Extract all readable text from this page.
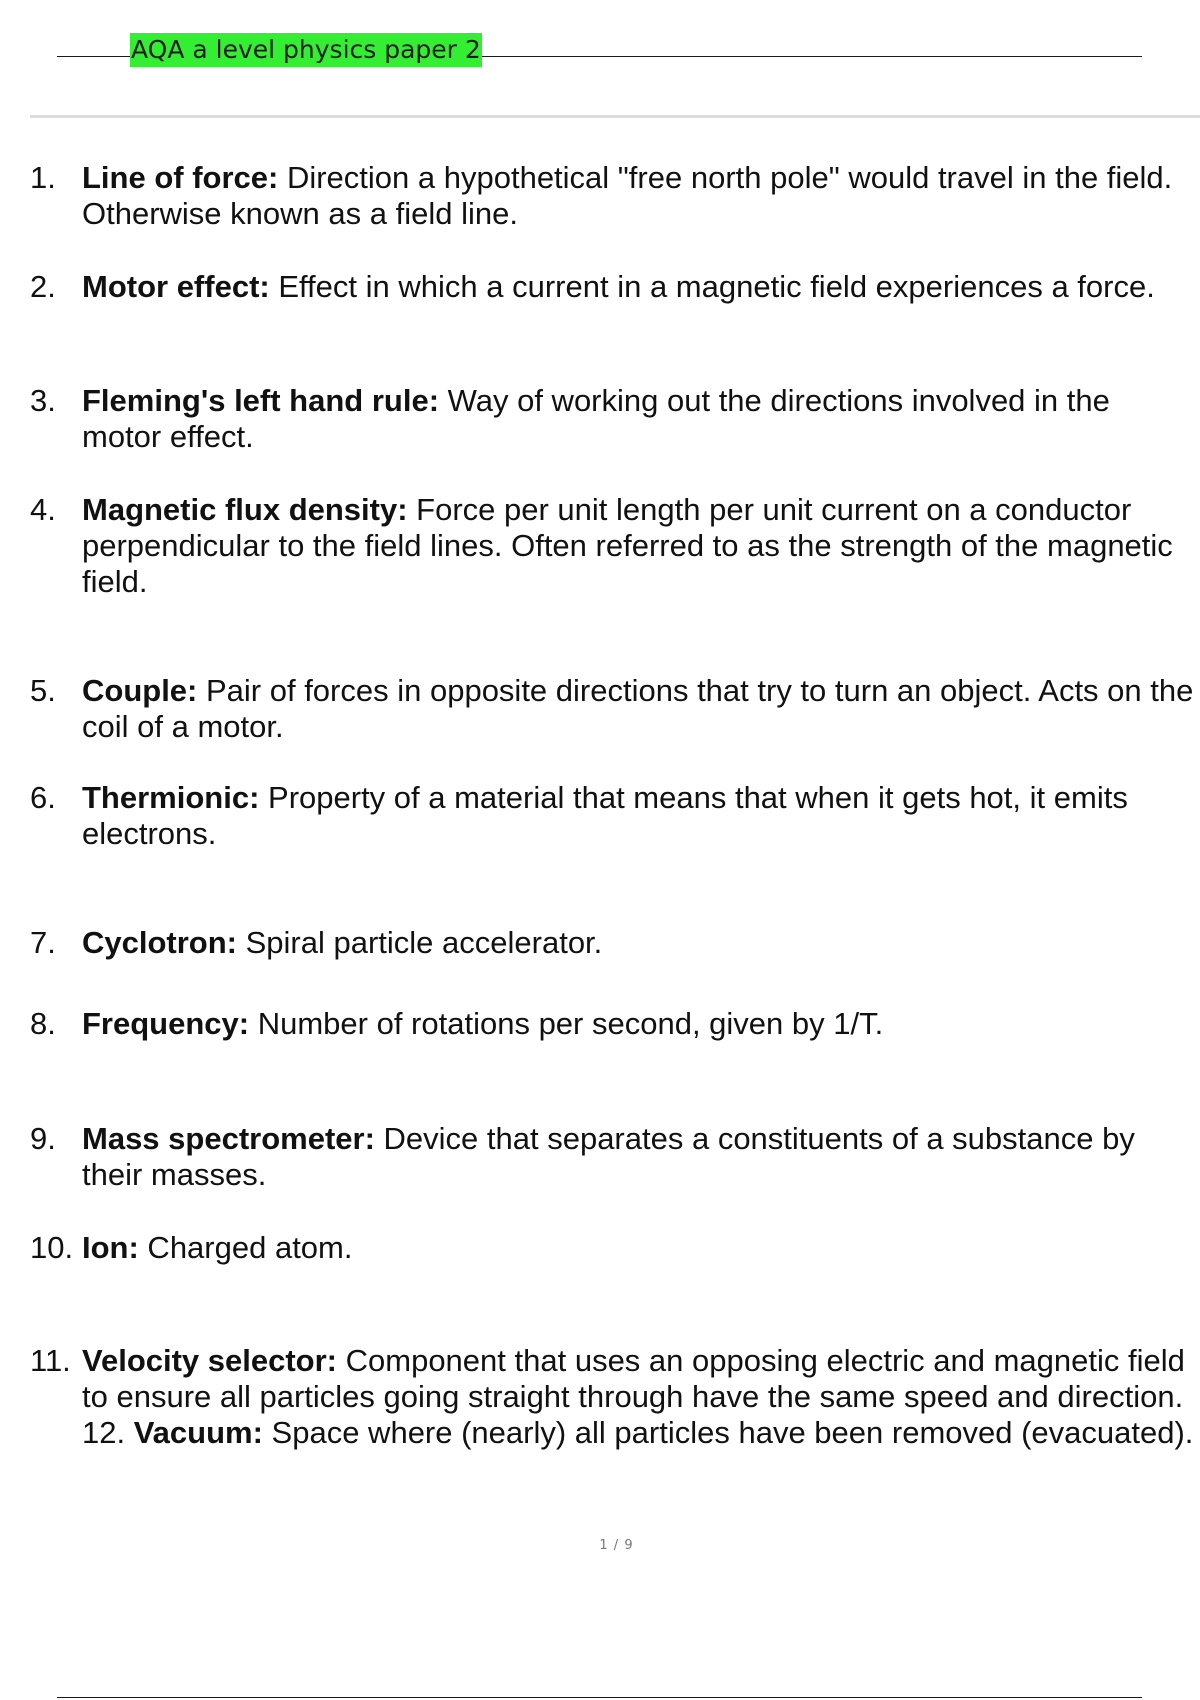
AQA a level physics paper 2
1. Line of force: Direction a hypothetical "free north pole" would travel in the field. Otherwise known as a field line.
2. Motor effect: Effect in which a current in a magnetic field experiences a force.
3. Fleming's left hand rule: Way of working out the directions involved in the motor effect.
4. Magnetic flux density: Force per unit length per unit current on a conductor perpendicular to the field lines. Often referred to as the strength of the magnetic field.
5. Couple: Pair of forces in opposite directions that try to turn an object. Acts on the coil of a motor.
6. Thermionic: Property of a material that means that when it gets hot, it emits electrons.
7. Cyclotron: Spiral particle accelerator.
8. Frequency: Number of rotations per second, given by 1/T.
9. Mass spectrometer: Device that separates a constituents of a substance by their masses.
10. Ion: Charged atom.
11. Velocity selector: Component that uses an opposing electric and magnetic field to ensure all particles going straight through have the same speed and direction. 12. Vacuum: Space where (nearly) all particles have been removed (evacuated).
1 / 9
